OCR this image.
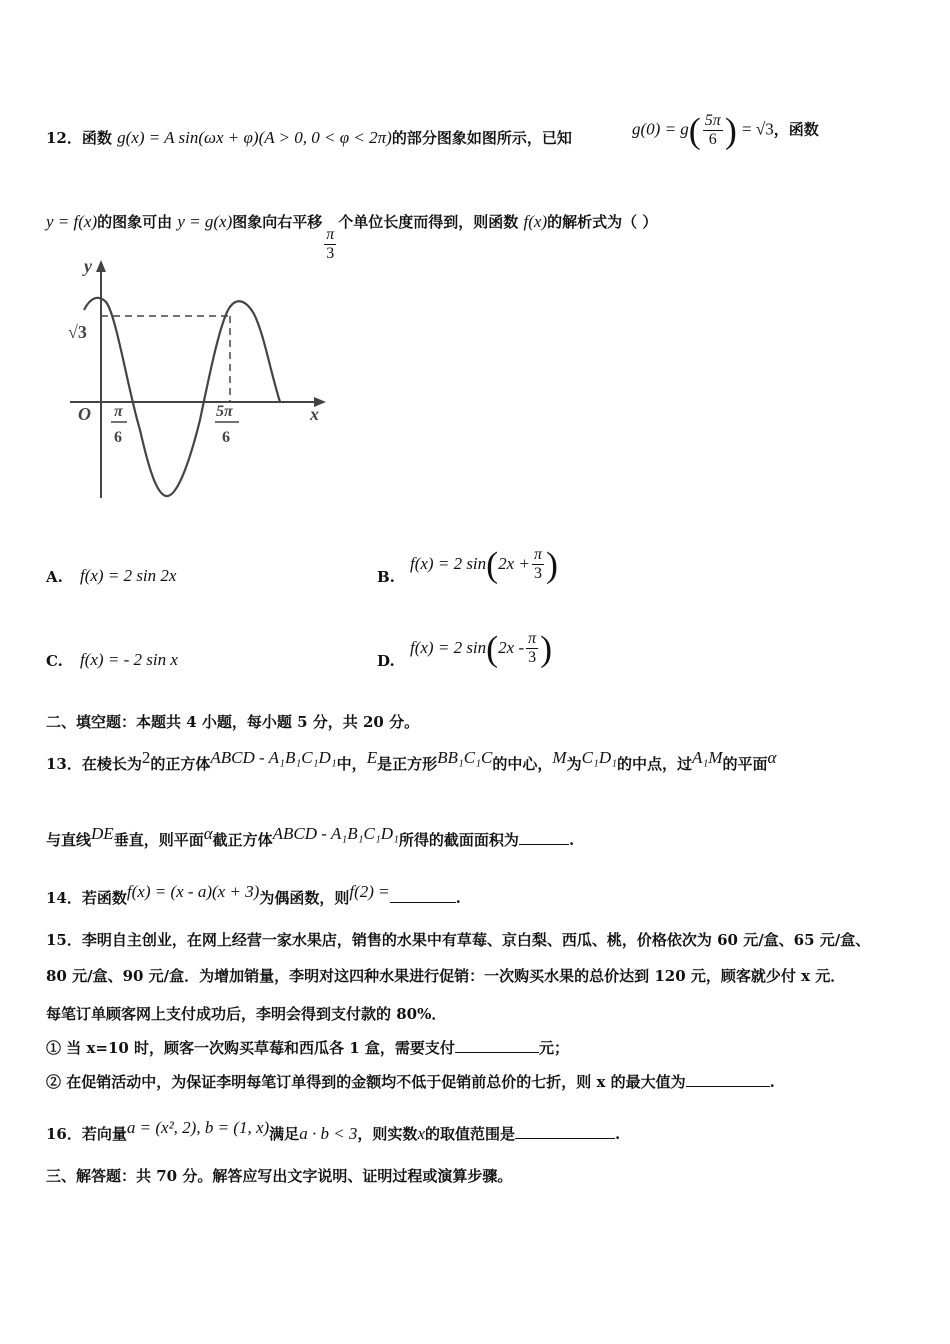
12．函数 g(x) = A sin(ωx + φ)(A > 0, 0 < φ < 2π)的部分图象如图所示，已知	$g(0) = g( \frac{5\pi}{6}$ ) = √3，函数
y = f(x)的图象可由 y = g(x)图象向右平移
$\frac{\pi}{3}$
个单位长度而得到，则函数 f(x)的解析式为（ ）
y
x
O
√3
π
6
5π
6
A. f(x) = 2 sin 2x	B.
f(x) = 2 $\sin(2x + \frac{\pi}{3}$ )
C. f(x) = - 2 sin x	D.
f(x) = 2 $\sin(2x - \frac{\pi}{3}$ )
二、填空题：本题共 4 小题，每小题 5 分，共 20 分。
13．在棱长为2的正方体ABCD - A₁B₁C₁D₁中，E是正方形BB₁C₁C的中心，M为C₁D₁的中点，过A₁M的平面α
与直线DE垂直，则平面α截正方体ABCD - A₁B₁C₁D₁所得的截面面积为	.
14．若函数f(x) = (x - a)(x + 3)为偶函数，则f(2) =	.
15．李明自主创业，在网上经营一家水果店，销售的水果中有草莓、京白梨、西瓜、桃，价格依次为 60 元/盒、65 元/盒、
80 元/盒、90 元/盒．为增加销量，李明对这四种水果进行促销：一次购买水果的总价达到 120 元，顾客就少付 x 元．
每笔订单顾客网上支付成功后，李明会得到支付款的 80%．
① 当 x=10 时，顾客一次购买草莓和西瓜各 1 盒，需要支付	元；
② 在促销活动中，为保证李明每笔订单得到的金额均不低于促销前总价的七折，则 x 的最大值为	.
16．若向量a = (x², 2), b = (1, x)满足a · b < 3，则实数x的取值范围是	.
三、解答题：共 70 分。解答应写出文字说明、证明过程或演算步骤。
